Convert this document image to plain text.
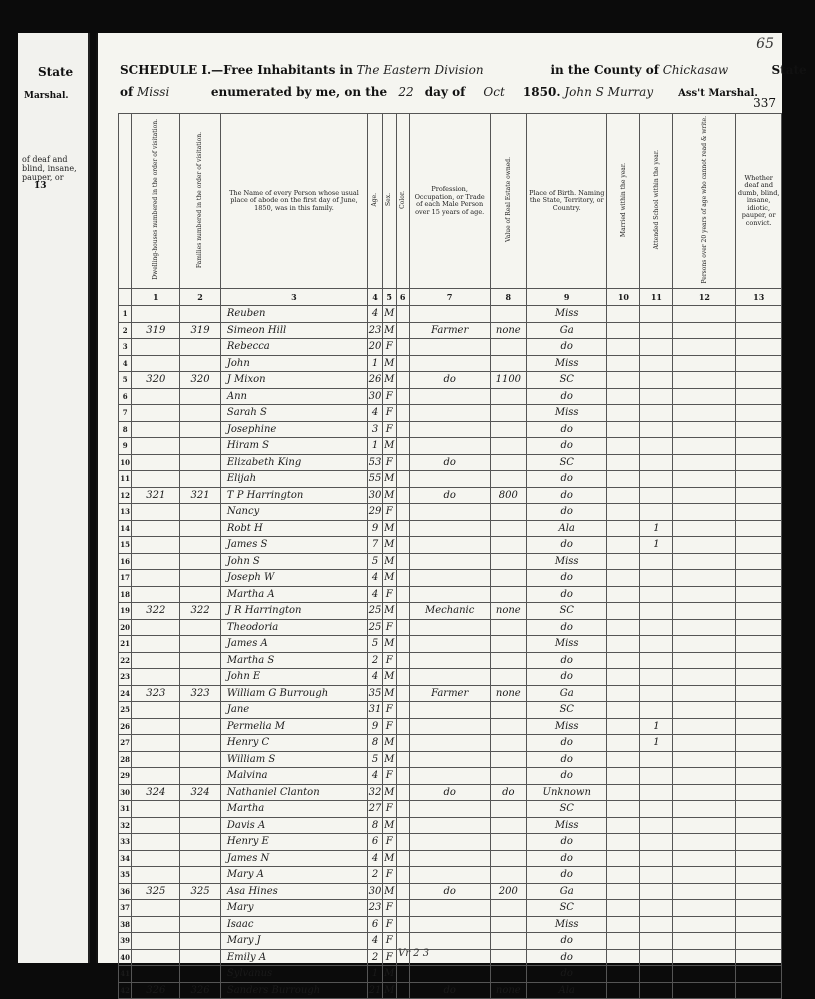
State
Marshal.
of deaf and blind, insane, pauper, or
13
65
SCHEDULE I.—Free Inhabitants in The Eastern Division	in the County of Chickasaw	State
of Missi	enumerated by me, on the 22 day of Oct 1850. John S Murray	Ass't Marshal.
337
	Dwelling-houses numbered in the order of visitation.	Families numbered in the order of visitation.	The Name of every Person whose usual place of abode on the first day of June, 1850, was in this family.	Age.	Sex.	Color.	Profession, Occupation, or Trade of each Male Person over 15 years of age.	Value of Real Estate owned.	Place of Birth. Naming the State, Territory, or Country.	Married within the year.	Attended School within the year.	Persons over 20 years of age who cannot read & write.	Whether deaf and dumb, blind, insane, idiotic, pauper, or convict.
	1	2	3	4	5	6	7	8	9	10	11	12	13
1			Reuben	4	M				Miss				
2	319	319	Simeon Hill	23	M		Farmer	none	Ga				
3			Rebecca	20	F				do				
4			John	1	M				Miss				
5	320	320	J Mixon	26	M		do	1100	SC				
6			Ann	30	F				do				
7			Sarah S	4	F				Miss				
8			Josephine	3	F				do				
9			Hiram S	1	M				do				
10			Elizabeth King	53	F		do		SC				
11			Elijah	55	M				do				
12	321	321	T P Harrington	30	M		do	800	do				
13			Nancy	29	F				do				
14			Robt H	9	M				Ala		1		
15			James S	7	M				do		1		
16			John S	5	M				Miss				
17			Joseph W	4	M				do				
18			Martha A	4	F				do				
19	322	322	J R Harrington	25	M		Mechanic	none	SC				
20			Theodoria	25	F				do				
21			James A	5	M				Miss				
22			Martha S	2	F				do				
23			John E	4	M				do				
24	323	323	William G Burrough	35	M		Farmer	none	Ga				
25			Jane	31	F				SC				
26			Permelia M	9	F				Miss		1		
27			Henry C	8	M				do		1		
28			William S	5	M				do				
29			Malvina	4	F				do				
30	324	324	Nathaniel Clanton	32	M		do	do	Unknown				
31			Martha	27	F				SC				
32			Davis A	8	M				Miss				
33			Henry E	6	F				do				
34			James N	4	M				do				
35			Mary A	2	F				do				
36	325	325	Asa Hines	30	M		do	200	Ga				
37			Mary	23	F				SC				
38			Isaac	6	F				Miss				
39			Mary J	4	F				do				
40			Emily A	2	F				do				
41			Sylvanus	1	M				do				
42	326	326	Sanders Burrough	21	M		do	none	Ala				
Vr 2 3
